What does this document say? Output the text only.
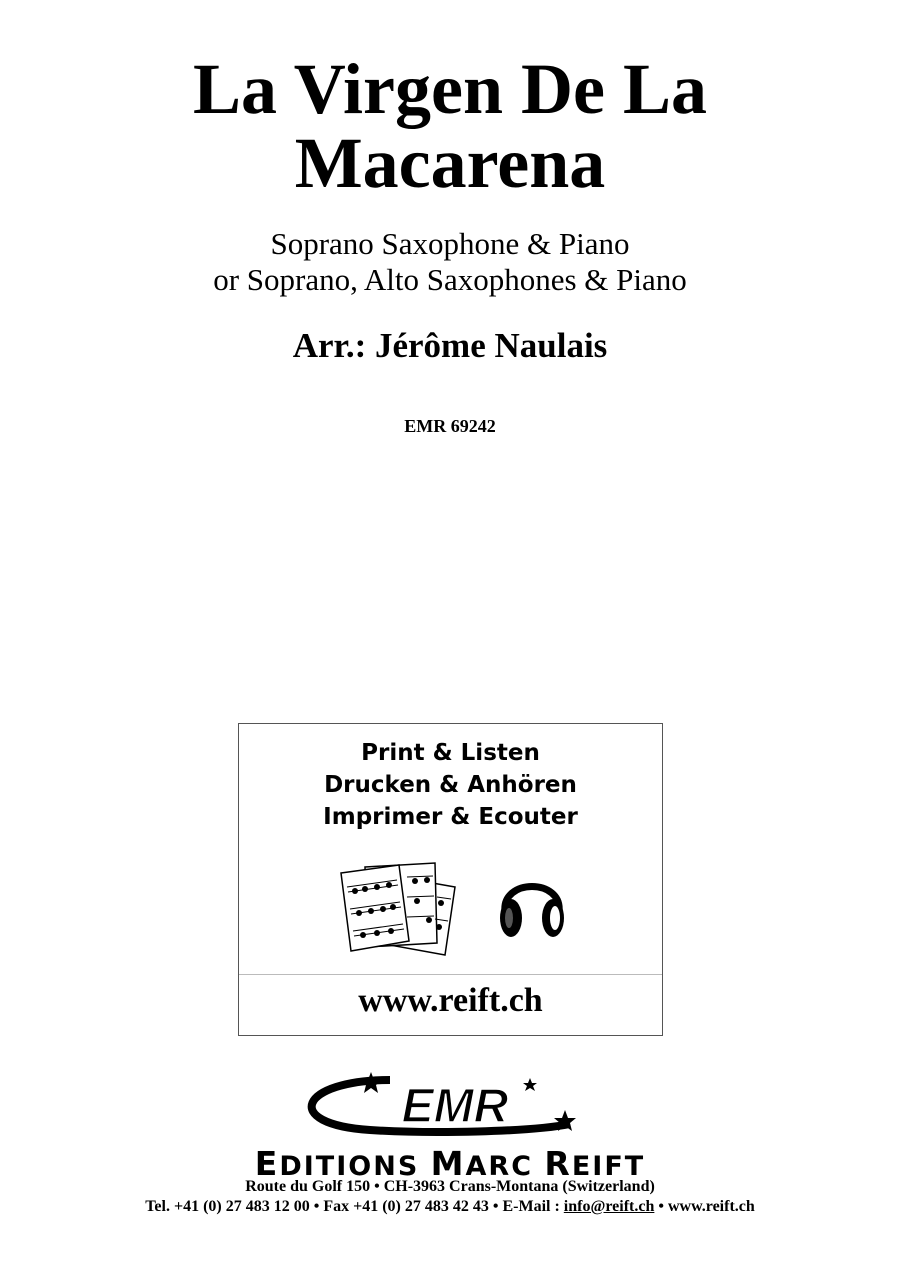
La Virgen De La
Macarena
Soprano Saxophone & Piano
or Soprano, Alto Saxophones & Piano
Arr.: Jérôme Naulais
EMR 69242
Print & Listen
Drucken & Anhören
Imprimer & Ecouter
www.reift.ch
EMR
EDITIONS MARC REIFT
Route du Golf 150 • CH-3963 Crans-Montana (Switzerland)
Tel. +41 (0) 27 483 12 00 • Fax +41 (0) 27 483 42 43 • E-Mail : info@reift.ch • www.reift.ch
